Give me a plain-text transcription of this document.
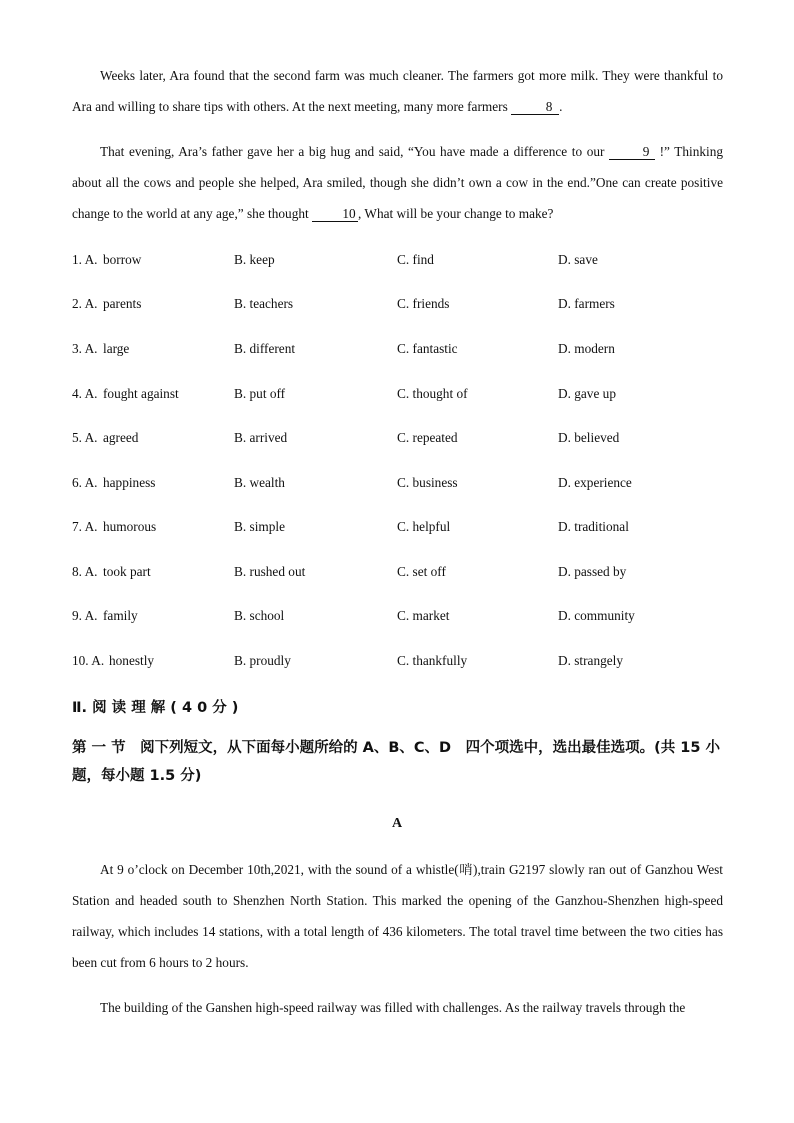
Weeks later, Ara found that the second farm was much cleaner. The farmers got more milk. They were thankful to Ara and willing to share tips with others. At the next meeting, many more farmers	8 .

That evening, Ara’s father gave her a big hug and said, “You have made a difference to our	9 !” Thinking about all the cows and people she helped, Ara smiled, though she didn’t own a cow in the end.”One can create positive change to the world at any age,” she thought	10 , What will be your change to make?

1. A. borrow	B. keep	C. find	D. save
2. A. parents	B. teachers	C. friends	D. farmers
3. A. large	B. different	C. fantastic	D. modern
4. A. fought against	B. put off	C. thought of	D. gave up
5. A. agreed	B. arrived	C. repeated	D. believed
6. A. happiness	B. wealth	C. business	D. experience
7. A. humorous	B. simple	C. helpful	D. traditional
8. A. took part	B. rushed out	C. set off	D. passed by
9. A. family	B. school	C. market	D. community
10. A. honestly	B. proudly	C. thankfully	D. strangely
Ⅱ. 阅 读 理 解 ( 4 0 分 )
第 一 节　阅下列短文，从下面每小题所给的 A、B、C、D　四个项选中，选出最佳选项。(共 15 小题，每小题 1.5 分)
A

At 9 o’clock on December 10th,2021, with the sound of a whistle(哨),train G2197 slowly ran out of Ganzhou West Station and headed south to Shenzhen North Station. This marked the opening of the Ganzhou-Shenzhen high-speed railway, which includes 14 stations, with a total length of 436 kilometers. The total travel time between the two cities has been cut from 6 hours to 2 hours.

The building of the Ganshen high-speed railway was filled with challenges. As the railway travels through the
